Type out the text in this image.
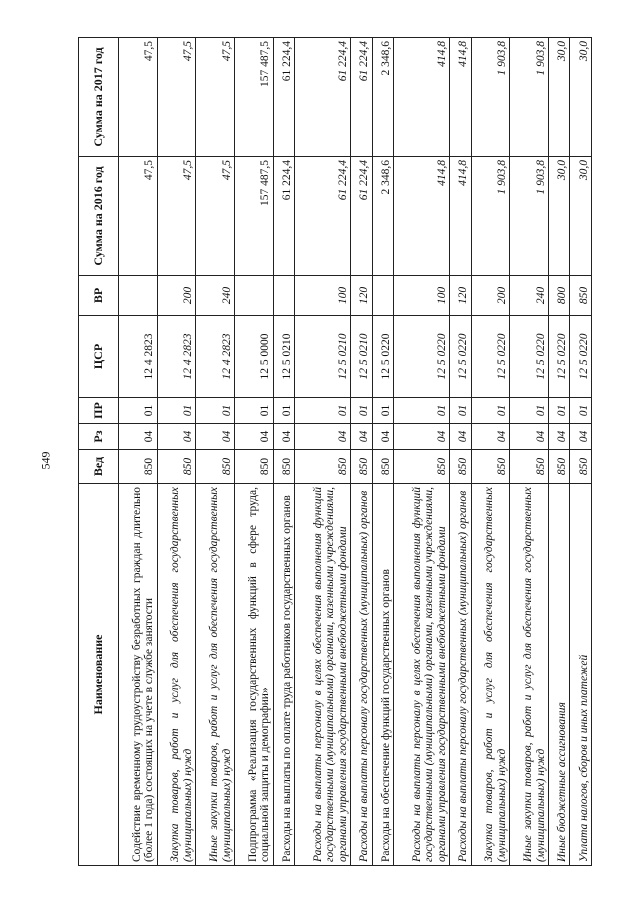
549
Наименование	Вед	Рз	ПР	ЦСР	ВР	Сумма на 2016 год	Сумма на 2017 год
Содействие временному трудоустройству безработных граждан длительно (более 1 года) состоящих на учете в службе занятости	850	04	01	12 4 2823		47,5	47,5
Закупка товаров, работ и услуг для обеспечения государственных (муниципальных) нужд	850	04	01	12 4 2823	200	47,5	47,5
Иные закупки товаров, работ и услуг для обеспечения государственных (муниципальных) нужд	850	04	01	12 4 2823	240	47,5	47,5
Подпрограмма «Реализация государственных функций в сфере труда, социальной защиты и демографии»	850	04	01	12 5 0000		157 487,5	157 487,5
Расходы на выплаты по оплате труда работников государственных органов	850	04	01	12 5 0210		61 224,4	61 224,4
Расходы на выплаты персоналу в целях обеспечения выполнения функций государственными (муниципальными) органами, казенными учреждениями, органами управления государственными внебюджетными фондами	850	04	01	12 5 0210	100	61 224,4	61 224,4
Расходы на выплаты персоналу государственных (муниципальных) органов	850	04	01	12 5 0210	120	61 224,4	61 224,4
Расходы на обеспечение функций государственных органов	850	04	01	12 5 0220		2 348,6	2 348,6
Расходы на выплаты персоналу в целях обеспечения выполнения функций государственными (муниципальными) органами, казенными учреждениями, органами управления государственными внебюджетными фондами	850	04	01	12 5 0220	100	414,8	414,8
Расходы на выплаты персоналу государственных (муниципальных) органов	850	04	01	12 5 0220	120	414,8	414,8
Закупка товаров, работ и услуг для обеспечения государственных (муниципальных) нужд	850	04	01	12 5 0220	200	1 903,8	1 903,8
Иные закупки товаров, работ и услуг для обеспечения государственных (муниципальных) нужд	850	04	01	12 5 0220	240	1 903,8	1 903,8
Иные бюджетные ассигнования	850	04	01	12 5 0220	800	30,0	30,0
Уплата налогов, сборов и иных платежей	850	04	01	12 5 0220	850	30,0	30,0
